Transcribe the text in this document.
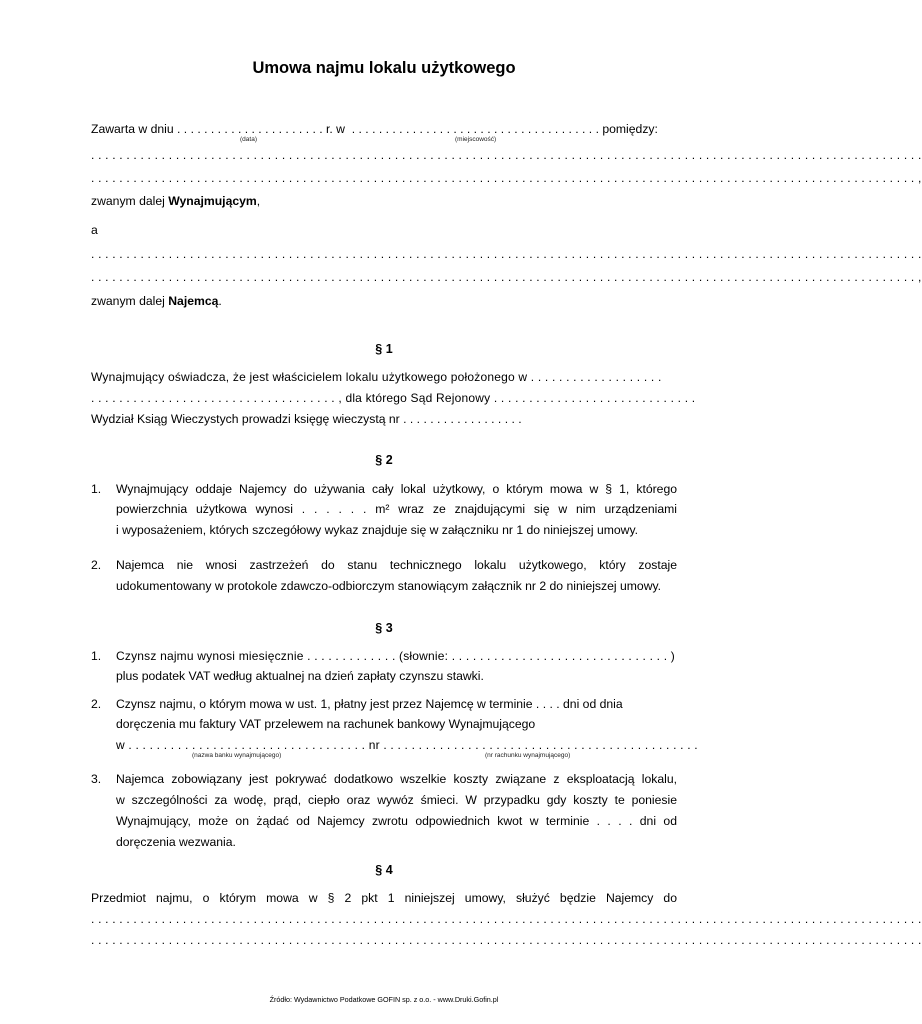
Umowa najmu lokalu użytkowego
Zawarta w dniu . . . . . . . . . . . . . . . . . . . . . . r. w . . . . . . . . . . . . . . . . . . . . . . . . . . . . . . . . . . . . . pomiędzy:
(data)	(miejscowość)
. . . . . . . . . . . . . . . . . . . . . . . . . . . . . . . . . . . . . . . . . . . . . . . . . . . . . . . . . . . . . . . . . . . . . . . . . . . . . . . . . . . . . . . . . . . . . . . . . . . . . . . . . . . . . . . . . . . . . .
. . . . . . . . . . . . . . . . . . . . . . . . . . . . . . . . . . . . . . . . . . . . . . . . . . . . . . . . . . . . . . . . . . . . . . . . . . . . . . . . . . . . . . . . . . . . . . . . . . . . . . . . . . . . . . . . . . . . . ,
zwanym dalej Wynajmującym,
a
. . . . . . . . . . . . . . . . . . . . . . . . . . . . . . . . . . . . . . . . . . . . . . . . . . . . . . . . . . . . . . . . . . . . . . . . . . . . . . . . . . . . . . . . . . . . . . . . . . . . . . . . . . . . . . . . . . . . . .
. . . . . . . . . . . . . . . . . . . . . . . . . . . . . . . . . . . . . . . . . . . . . . . . . . . . . . . . . . . . . . . . . . . . . . . . . . . . . . . . . . . . . . . . . . . . . . . . . . . . . . . . . . . . . . . . . . . . . ,
zwanym dalej Najemcą.
§ 1
Wynajmujący oświadcza, że jest właścicielem lokalu użytkowego położonego w . . . . . . . . . . . . . . . . . . .
. . . . . . . . . . . . . . . . . . . . . . . . . . . . . . . . . . . , dla którego Sąd Rejonowy . . . . . . . . . . . . . . . . . . . . . . . . . . . . .
Wydział Ksiąg Wieczystych prowadzi księgę wieczystą nr . . . . . . . . . . . . . . . . . .
§ 2
1.	Wynajmujący oddaje Najemcy do używania cały lokal użytkowy, o którym mowa w § 1, którego
powierzchnia użytkowa wynosi . . . . . . m² wraz ze znajdującymi się w nim urządzeniami
i wyposażeniem, których szczegółowy wykaz znajduje się w załączniku nr 1 do niniejszej umowy.
2.	Najemca nie wnosi zastrzeżeń do stanu technicznego lokalu użytkowego, który zostaje
udokumentowany w protokole zdawczo-odbiorczym stanowiącym załącznik nr 2 do niniejszej umowy.
§ 3
1.	Czynsz najmu wynosi miesięcznie . . . . . . . . . . . . . (słownie: . . . . . . . . . . . . . . . . . . . . . . . . . . . . . . . )
plus podatek VAT według aktualnej na dzień zapłaty czynszu stawki.
2.	Czynsz najmu, o którym mowa w ust. 1, płatny jest przez Najemcę w terminie . . . . dni od dnia
doręczenia mu faktury VAT przelewem na rachunek bankowy Wynajmującego
w . . . . . . . . . . . . . . . . . . . . . . . . . . . . . . . . . . nr . . . . . . . . . . . . . . . . . . . . . . . . . . . . . . . . . . . . . . . . . . . . .
(nazwa banku wynajmującego)	(nr rachunku wynajmującego)
3.	Najemca zobowiązany jest pokrywać dodatkowo wszelkie koszty związane z eksploatacją lokalu,
w szczególności za wodę, prąd, ciepło oraz wywóz śmieci. W przypadku gdy koszty te poniesie
Wynajmujący, może on żądać od Najemcy zwrotu odpowiednich kwot w terminie . . . . dni od
doręczenia wezwania.
§ 4
Przedmiot najmu, o którym mowa w § 2 pkt 1 niniejszej umowy, służyć będzie Najemcy do
. . . . . . . . . . . . . . . . . . . . . . . . . . . . . . . . . . . . . . . . . . . . . . . . . . . . . . . . . . . . . . . . . . . . . . . . . . . . . . . . . . . . . . . . . . . . . . . . . . . . . . . . . . . . . . . . . . . . . .
. . . . . . . . . . . . . . . . . . . . . . . . . . . . . . . . . . . . . . . . . . . . . . . . . . . . . . . . . . . . . . . . . . . . . . . . . . . . . . . . . . . . . . . . . . . . . . . . . . . . . . . . . . . . . . . . . . . . . .
Źródło: Wydawnictwo Podatkowe GOFIN sp. z o.o. - www.Druki.Gofin.pl
